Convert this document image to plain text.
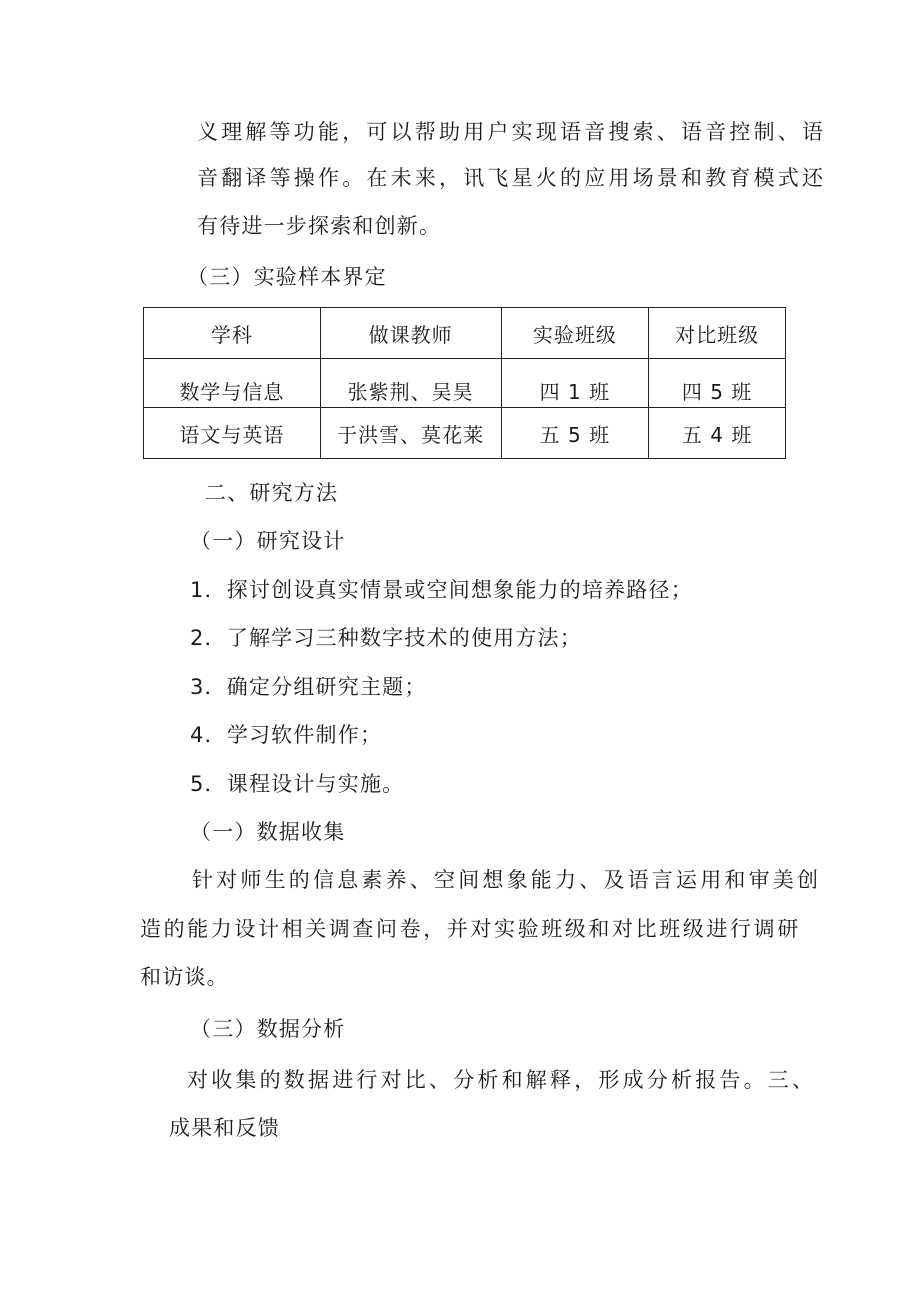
义理解等功能，可以帮助用户实现语音搜索、语音控制、语
音翻译等操作。在未来，讯飞星火的应用场景和教育模式还
有待进一步探索和创新。
（三）实验样本界定
学科	做课教师	实验班级	对比班级
数学与信息	张紫荆、吴昊	四 1 班	四 5 班
语文与英语	于洪雪、莫花莱	五 5 班	五 4 班
二、研究方法
（一）研究设计
1．探讨创设真实情景或空间想象能力的培养路径；
2．了解学习三种数字技术的使用方法；
3．确定分组研究主题；
4．学习软件制作；
5．课程设计与实施。
（一）数据收集
针对师生的信息素养、空间想象能力、及语言运用和审美创
造的能力设计相关调查问卷，并对实验班级和对比班级进行调研
和访谈。
（三）数据分析
对收集的数据进行对比、分析和解释，形成分析报告。三、
成果和反馈
